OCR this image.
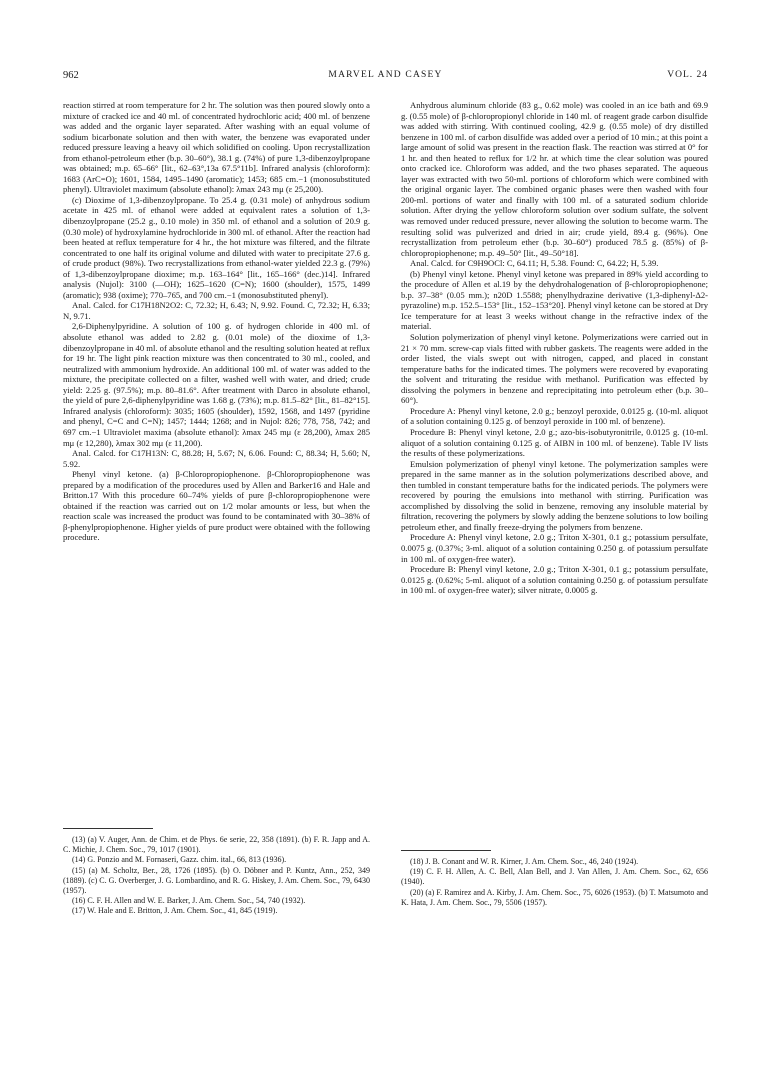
962	MARVEL AND CASEY	VOL. 24

reaction stirred at room temperature for 2 hr. The solution was then poured slowly onto a mixture of cracked ice and 40 ml. of concentrated hydrochloric acid; 400 ml. of benzene was added and the organic layer separated. After washing with an equal volume of sodium bicarbonate solution and then with water, the benzene was evaporated under reduced pressure leaving a heavy oil which solidified on cooling. Upon recrystallization from ethanol-petroleum ether (b.p. 30–60°), 38.1 g. (74%) of pure 1,3-dibenzoylpropane was obtained; m.p. 65–66° [lit., 62–63°,13a 67.5°11b]. Infrared analysis (chloroform): 1683 (ArC=O); 1601, 1584, 1495–1490 (aromatic); 1453; 685 cm.−1 (monosubstituted phenyl). Ultraviolet maximum (absolute ethanol): λmax 243 mμ (ε 25,200).

(c) Dioxime of 1,3-dibenzoylpropane. To 25.4 g. (0.31 mole) of anhydrous sodium acetate in 425 ml. of ethanol were added at equivalent rates a solution of 1,3-dibenzoylpropane (25.2 g., 0.10 mole) in 350 ml. of ethanol and a solution of 20.9 g. (0.30 mole) of hydroxylamine hydrochloride in 300 ml. of ethanol. After the reaction had been heated at reflux temperature for 4 hr., the hot mixture was filtered, and the filtrate concentrated to one half its original volume and diluted with water to precipitate 27.6 g. of crude product (98%). Two recrystallizations from ethanol-water yielded 22.3 g. (79%) of 1,3-dibenzoylpropane dioxime; m.p. 163–164° [lit., 165–166° (dec.)14]. Infrared analysis (Nujol): 3100 (—OH); 1625–1620 (C=N); 1600 (shoulder), 1575, 1499 (aromatic); 938 (oxime); 770–765, and 700 cm.−1 (monosubstituted phenyl).

Anal. Calcd. for C17H18N2O2: C, 72.32; H, 6.43; N, 9.92. Found. C, 72.32; H, 6.33; N, 9.71.

2,6-Diphenylpyridine. A solution of 100 g. of hydrogen chloride in 400 ml. of absolute ethanol was added to 2.82 g. (0.01 mole) of the dioxime of 1,3-dibenzoylpropane in 40 ml. of absolute ethanol and the resulting solution heated at reflux for 19 hr. The light pink reaction mixture was then concentrated to 30 ml., cooled, and neutralized with ammonium hydroxide. An additional 100 ml. of water was added to the mixture, the precipitate collected on a filter, washed well with water, and dried; crude yield: 2.25 g. (97.5%); m.p. 80–81.6°. After treatment with Darco in absolute ethanol, the yield of pure 2,6-diphenylpyridine was 1.68 g. (73%); m.p. 81.5–82° [lit., 81–82°15]. Infrared analysis (chloroform): 3035; 1605 (shoulder), 1592, 1568, and 1497 (pyridine and phenyl, C=C and C=N); 1457; 1444; 1268; and in Nujol: 826; 778, 758, 742; and 697 cm.−1 Ultraviolet maxima (absolute ethanol): λmax 245 mμ (ε 28,200), λmax 285 mμ (ε 12,280), λmax 302 mμ (ε 11,200).

Anal. Calcd. for C17H13N: C, 88.28; H, 5.67; N, 6.06. Found: C, 88.34; H, 5.60; N, 5.92.

Phenyl vinyl ketone. (a) β-Chloropropiophenone. β-Chloropropiophenone was prepared by a modification of the procedures used by Allen and Barker16 and Hale and Britton.17 With this procedure 60–74% yields of pure β-chloropropiophenone were obtained if the reaction was carried out on 1/2 molar amounts or less, but when the reaction scale was increased the product was found to be contaminated with 30–38% of β-phenylpropiophenone. Higher yields of pure product were obtained with the following procedure.

(13) (a) V. Auger, Ann. de Chim. et de Phys. 6e serie, 22, 358 (1891). (b) F. R. Japp and A. C. Michie, J. Chem. Soc., 79, 1017 (1901).

(14) G. Ponzio and M. Fornaseri, Gazz. chim. ital., 66, 813 (1936).

(15) (a) M. Scholtz, Ber., 28, 1726 (1895). (b) O. Döbner and P. Kuntz, Ann., 252, 349 (1889). (c) C. G. Overberger, J. G. Lombardino, and R. G. Hiskey, J. Am. Chem. Soc., 79, 6430 (1957).

(16) C. F. H. Allen and W. E. Barker, J. Am. Chem. Soc., 54, 740 (1932).

(17) W. Hale and E. Britton, J. Am. Chem. Soc., 41, 845 (1919).

Anhydrous aluminum chloride (83 g., 0.62 mole) was cooled in an ice bath and 69.9 g. (0.55 mole) of β-chloropropionyl chloride in 140 ml. of reagent grade carbon disulfide was added with stirring. With continued cooling, 42.9 g. (0.55 mole) of dry distilled benzene in 100 ml. of carbon disulfide was added over a period of 10 min.; at this point a large amount of solid was present in the reaction flask. The reaction was stirred at 0° for 1 hr. and then heated to reflux for 1/2 hr. at which time the clear solution was poured onto cracked ice. Chloroform was added, and the two phases separated. The aqueous layer was extracted with two 50-ml. portions of chloroform which were combined with the original organic layer. The combined organic phases were then washed with four 200-ml. portions of water and finally with 100 ml. of a saturated sodium chloride solution. After drying the yellow chloroform solution over sodium sulfate, the solvent was removed under reduced pressure, never allowing the solution to become warm. The resulting solid was pulverized and dried in air; crude yield, 89.4 g. (96%). One recrystallization from petroleum ether (b.p. 30–60°) produced 78.5 g. (85%) of β-chloropropiophenone; m.p. 49–50° [lit., 49–50°18].

Anal. Calcd. for C9H9OCl: C, 64.11; H, 5.38. Found: C, 64.22; H, 5.39.

(b) Phenyl vinyl ketone. Phenyl vinyl ketone was prepared in 89% yield according to the procedure of Allen et al.19 by the dehydrohalogenation of β-chloropropiophenone; b.p. 37–38° (0.05 mm.); n20D 1.5588; phenylhydrazine derivative (1,3-diphenyl-Δ2-pyrazoline) m.p. 152.5–153° [lit., 152–153°20]. Phenyl vinyl ketone can be stored at Dry Ice temperature for at least 3 weeks without change in the refractive index of the material.

Solution polymerization of phenyl vinyl ketone. Polymerizations were carried out in 21 × 70 mm. screw-cap vials fitted with rubber gaskets. The reagents were added in the order listed, the vials swept out with nitrogen, capped, and placed in constant temperature baths for the indicated times. The polymers were recovered by evaporating the solvent and triturating the residue with methanol. Purification was effected by dissolving the polymers in benzene and reprecipitating into petroleum ether (b.p. 30–60°).

Procedure A: Phenyl vinyl ketone, 2.0 g.; benzoyl peroxide, 0.0125 g. (10-ml. aliquot of a solution containing 0.125 g. of benzoyl peroxide in 100 ml. of benzene).

Procedure B: Phenyl vinyl ketone, 2.0 g.; azo-bis-isobutyronitrile, 0.0125 g. (10-ml. aliquot of a solution containing 0.125 g. of AIBN in 100 ml. of benzene). Table IV lists the results of these polymerizations.

Emulsion polymerization of phenyl vinyl ketone. The polymerization samples were prepared in the same manner as in the solution polymerizations described above, and then tumbled in constant temperature baths for the indicated periods. The polymers were recovered by pouring the emulsions into methanol with stirring. Purification was accomplished by dissolving the solid in benzene, removing any insoluble material by filtration, recovering the polymers by slowly adding the benzene solutions to low boiling petroleum ether, and finally freeze-drying the polymers from benzene.

Procedure A: Phenyl vinyl ketone, 2.0 g.; Triton X-301, 0.1 g.; potassium persulfate, 0.0075 g. (0.37%; 3-ml. aliquot of a solution containing 0.250 g. of potassium persulfate in 100 ml. of oxygen-free water).

Procedure B: Phenyl vinyl ketone, 2.0 g.; Triton X-301, 0.1 g.; potassium persulfate, 0.0125 g. (0.62%; 5-ml. aliquot of a solution containing 0.250 g. of potassium persulfate in 100 ml. of oxygen-free water); silver nitrate, 0.0005 g.

(18) J. B. Conant and W. R. Kirner, J. Am. Chem. Soc., 46, 240 (1924).

(19) C. F. H. Allen, A. C. Bell, Alan Bell, and J. Van Allen, J. Am. Chem. Soc., 62, 656 (1940).

(20) (a) F. Ramirez and A. Kirby, J. Am. Chem. Soc., 75, 6026 (1953). (b) T. Matsumoto and K. Hata, J. Am. Chem. Soc., 79, 5506 (1957).
